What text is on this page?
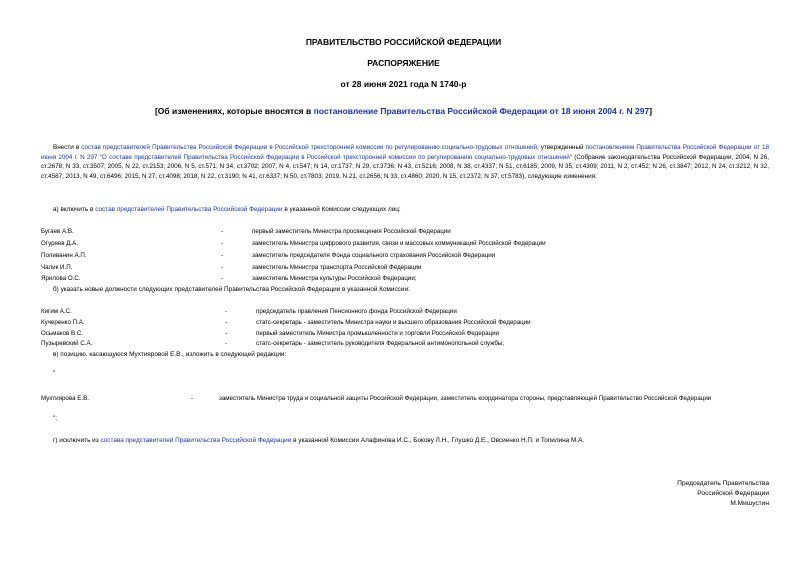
ПРАВИТЕЛЬСТВО РОССИЙСКОЙ ФЕДЕРАЦИИ
РАСПОРЯЖЕНИЕ
от 28 июня 2021 года N 1740-р
[Об изменениях, которые вносятся в постановление Правительства Российской Федерации от 18 июня 2004 г. N 297]
Внести в состав представителей Правительства Российской Федерации в Российской трехсторонней комиссии по регулированию социально-трудовых отношений, утвержденный постановлением Правительства Российской Федерации от 18 июня 2004 г. N 297 "О составе представителей Правительства Российской Федерации в Российской трехсторонней комиссии по регулированию социально-трудовых отношений" (Собрание законодательства Российской Федерации, 2004, N 26, ст.2678; N 33, ст.3507; 2005, N 22, ст.2153; 2006, N 5, ст.571; N 34, ст.3702; 2007, N 4, ст.547; N 14, ст.1737; N 29, ст.3736; N 43, ст.5216; 2008, N 38, ст.4337; N 51, ст.6185; 2009, N 35, ст.4309; 2011, N 2, ст.452; N 26, ст.3847; 2012, N 24, ст.3212; N 32, ст.4587; 2013, N 49, ст.6496; 2015, N 27, ст.4098; 2018, N 22, ст.3190; N 41, ст.6337; N 50, ст.7803; 2019, N 21, ст.2656; N 33, ст.4860; 2020, N 15, ст.2372; N 37, ст.5783), следующие изменения:
а) включить в состав представителей Правительства Российской Федерации в указанной Комиссии следующих лиц:
Бугаев А.В.	-	первый заместитель Министра просвещения Российской Федерации
Огуряев Д.А.	-	заместитель Министра цифрового развития, связи и массовых коммуникаций Российской Федерации
Поливанин А.П.	-	заместитель председателя Фонда социального страхования Российской Федерации
Чалик И.П.	-	заместитель Министра транспорта Российской Федерации
Ярилова О.С.	-	заместитель Министра культуры Российской Федерации;
б) указать новые должности следующих представителей Правительства Российской Федерации в указанной Комиссии:
Кигим А.С.	-	председатель правления Пенсионного фонда Российской Федерации
Кучеренко П.А.	-	статс-секретарь - заместитель Министра науки и высшего образования Российской Федерации
Осьмаков В.С.	-	первый заместитель Министра промышленности и торговли Российской Федерации
Пузыревский С.А.	-	статс-секретарь - заместитель руководителя Федеральной антимонопольной службы;
в) позицию, касающуюся Мухтияровой Е.В., изложить в следующей редакции:
"
Мухтиярова Е.В.	-	заместитель Министра труда и социальной защиты Российской Федерации, заместитель координатора стороны, представляющей Правительство Российской Федерации
";
г) исключить из состава представителей Правительства Российской Федерации в указанной Комиссии Алафинова И.С., Бокову Л.Н., Глушко Д.Е., Овсиенко Н.П. и Топилина М.А.
Председатель Правительства
Российской Федерации
М.Мишустин
